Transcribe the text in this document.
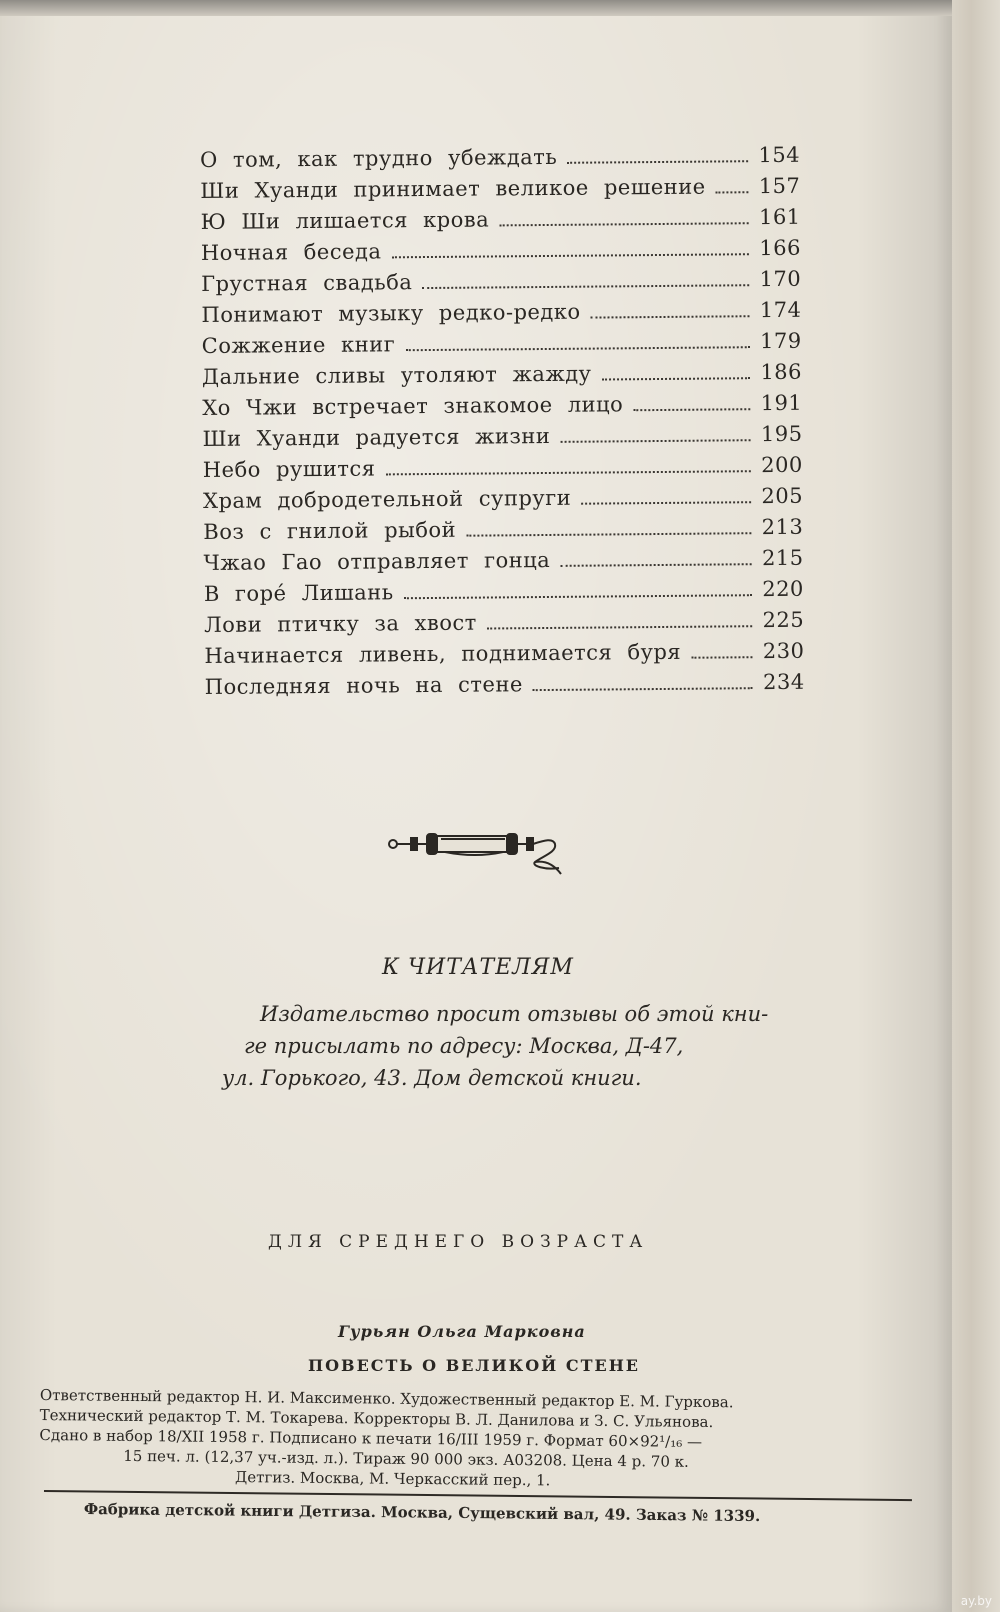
О том, как трудно убеждать	154
Ши Хуанди принимает великое решение	157
Ю Ши лишается крова	161
Ночная беседа	166
Грустная свадьба	170
Понимают музыку редко-редко	174
Сожжение книг	179
Дальние сливы утоляют жажду	186
Хо Чжи встречает знакомое лицо	191
Ши Хуанди радуется жизни	195
Небо рушится	200
Храм добродетельной супруги	205
Воз с гнилой рыбой	213
Чжао Гао отправляет гонца	215
В горе́ Лишань	220
Лови птичку за хвост	225
Начинается ливень, поднимается буря	230
Последняя ночь на стене	234
К ЧИТАТЕЛЯМ
Издательство просит отзывы об этой кни-
ге присылать по адресу: Москва, Д-47,
ул. Горького, 43. Дом детской книги.
ДЛЯ СРЕДНЕГО ВОЗРАСТА
Гурьян Ольга Марковна
ПОВЕСТЬ О ВЕЛИКОЙ СТЕНЕ
Ответственный редактор Н. И. Максименко. Художественный редактор Е. М. Гуркова.
Технический редактор Т. М. Токарева. Корректоры В. Л. Данилова и З. С. Ульянова.
Сдано в набор 18/XII 1958 г. Подписано к печати 16/III 1959 г. Формат 60×92¹/₁₆ —
15 печ. л. (12,37 уч.-изд. л.). Тираж 90 000 экз. А03208. Цена 4 р. 70 к.
Детгиз. Москва, М. Черкасский пер., 1.
Фабрика детской книги Детгиза. Москва, Сущевский вал, 49. Заказ № 1339.
ay.by
